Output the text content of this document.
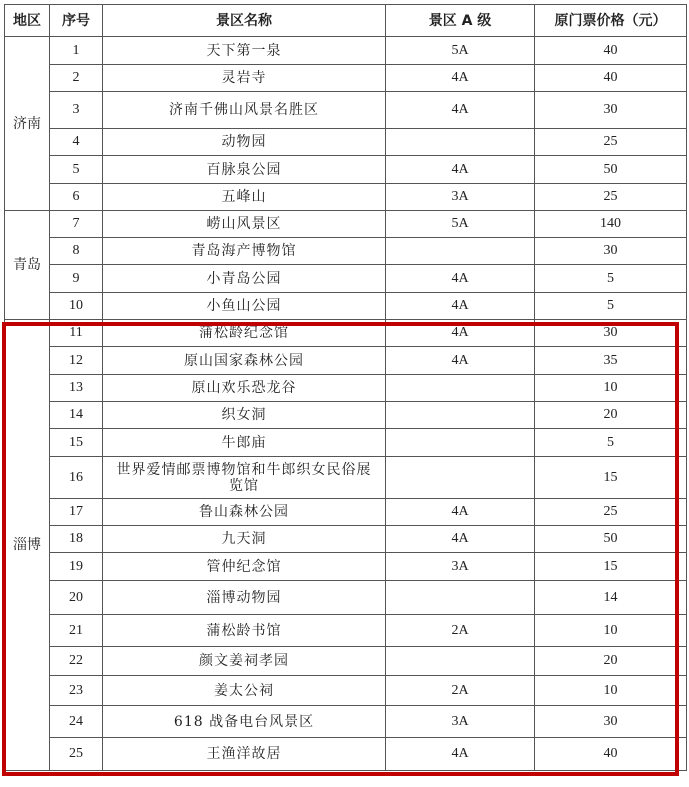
地区	序号	景区名称	景区 A 级	原门票价格（元）
济南	1	天下第一泉	5A	40
	2	灵岩寺	4A	40
	3	济南千佛山风景名胜区	4A	30
	4	动物园		25
	5	百脉泉公园	4A	50
	6	五峰山	3A	25
青岛	7	崂山风景区	5A	140
	8	青岛海产博物馆		30
	9	小青岛公园	4A	5
	10	小鱼山公园	4A	5
淄博	11	蒲松龄纪念馆	4A	30
	12	原山国家森林公园	4A	35
	13	原山欢乐恐龙谷		10
	14	织女洞		20
	15	牛郎庙		5
	16	世界爱情邮票博物馆和牛郎织女民俗展览馆		15
	17	鲁山森林公园	4A	25
	18	九天洞	4A	50
	19	管仲纪念馆	3A	15
	20	淄博动物园		14
	21	蒲松龄书馆	2A	10
	22	颜文姜祠孝园		20
	23	姜太公祠	2A	10
	24	618 战备电台风景区	3A	30
	25	王渔洋故居	4A	40
